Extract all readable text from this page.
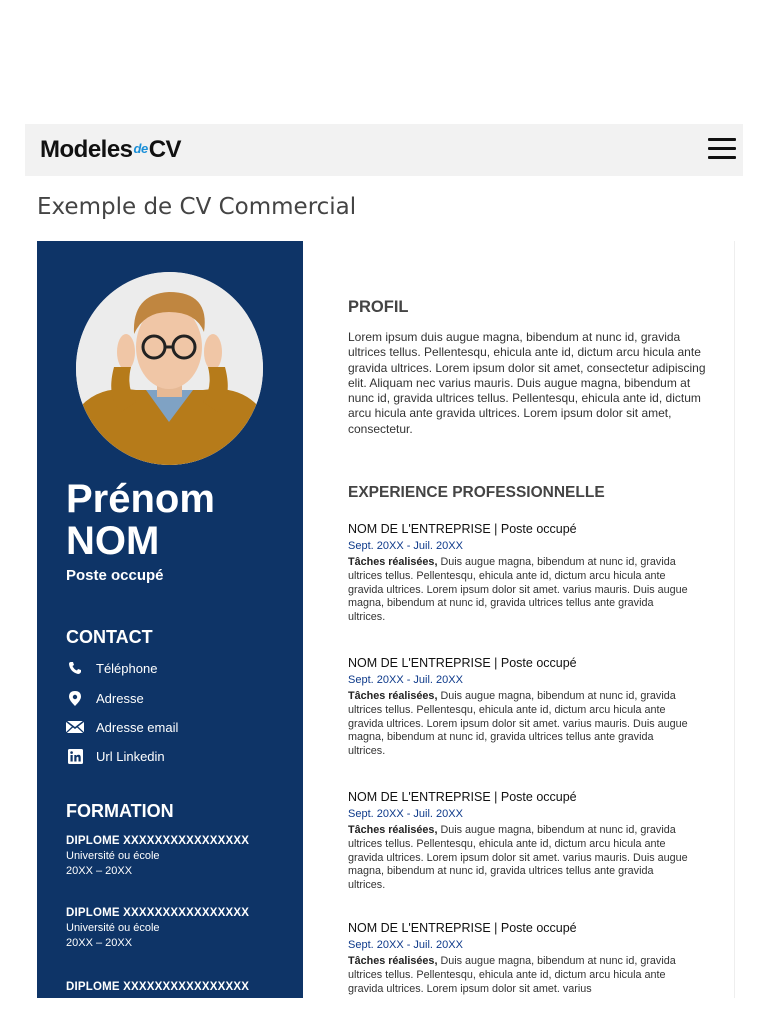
Modeles de CV
Exemple de CV Commercial
Prénom
NOM
Poste occupé
CONTACT
Téléphone
Adresse
Adresse email
Url Linkedin
FORMATION
DIPLOME XXXXXXXXXXXXXXXX
Université ou école
20XX – 20XX
DIPLOME XXXXXXXXXXXXXXXX
Université ou école
20XX – 20XX
DIPLOME XXXXXXXXXXXXXXXX
PROFIL
Lorem ipsum duis augue magna, bibendum at nunc id, gravida ultrices tellus. Pellentesqu, ehicula ante id, dictum arcu hicula ante gravida ultrices. Lorem ipsum dolor sit amet, consectetur adipiscing elit. Aliquam nec varius mauris. Duis augue magna, bibendum at nunc id, gravida ultrices tellus. Pellentesqu, ehicula ante id, dictum arcu hicula ante gravida ultrices. Lorem ipsum dolor sit amet, consectetur.
EXPERIENCE PROFESSIONNELLE
NOM DE L'ENTREPRISE | Poste occupé
Sept. 20XX - Juil. 20XX
Tâches réalisées, Duis augue magna, bibendum at nunc id, gravida ultrices tellus. Pellentesqu, ehicula ante id, dictum arcu hicula ante gravida ultrices. Lorem ipsum dolor sit amet. varius mauris. Duis augue magna, bibendum at nunc id, gravida ultrices tellus ante gravida ultrices.
NOM DE L'ENTREPRISE | Poste occupé
Sept. 20XX - Juil. 20XX
Tâches réalisées, Duis augue magna, bibendum at nunc id, gravida ultrices tellus. Pellentesqu, ehicula ante id, dictum arcu hicula ante gravida ultrices. Lorem ipsum dolor sit amet. varius mauris. Duis augue magna, bibendum at nunc id, gravida ultrices tellus ante gravida ultrices.
NOM DE L'ENTREPRISE | Poste occupé
Sept. 20XX - Juil. 20XX
Tâches réalisées, Duis augue magna, bibendum at nunc id, gravida ultrices tellus. Pellentesqu, ehicula ante id, dictum arcu hicula ante gravida ultrices. Lorem ipsum dolor sit amet. varius mauris. Duis augue magna, bibendum at nunc id, gravida ultrices tellus ante gravida ultrices.
NOM DE L'ENTREPRISE | Poste occupé
Sept. 20XX - Juil. 20XX
Tâches réalisées, Duis augue magna, bibendum at nunc id, gravida ultrices tellus. Pellentesqu, ehicula ante id, dictum arcu hicula ante gravida ultrices. Lorem ipsum dolor sit amet. varius
